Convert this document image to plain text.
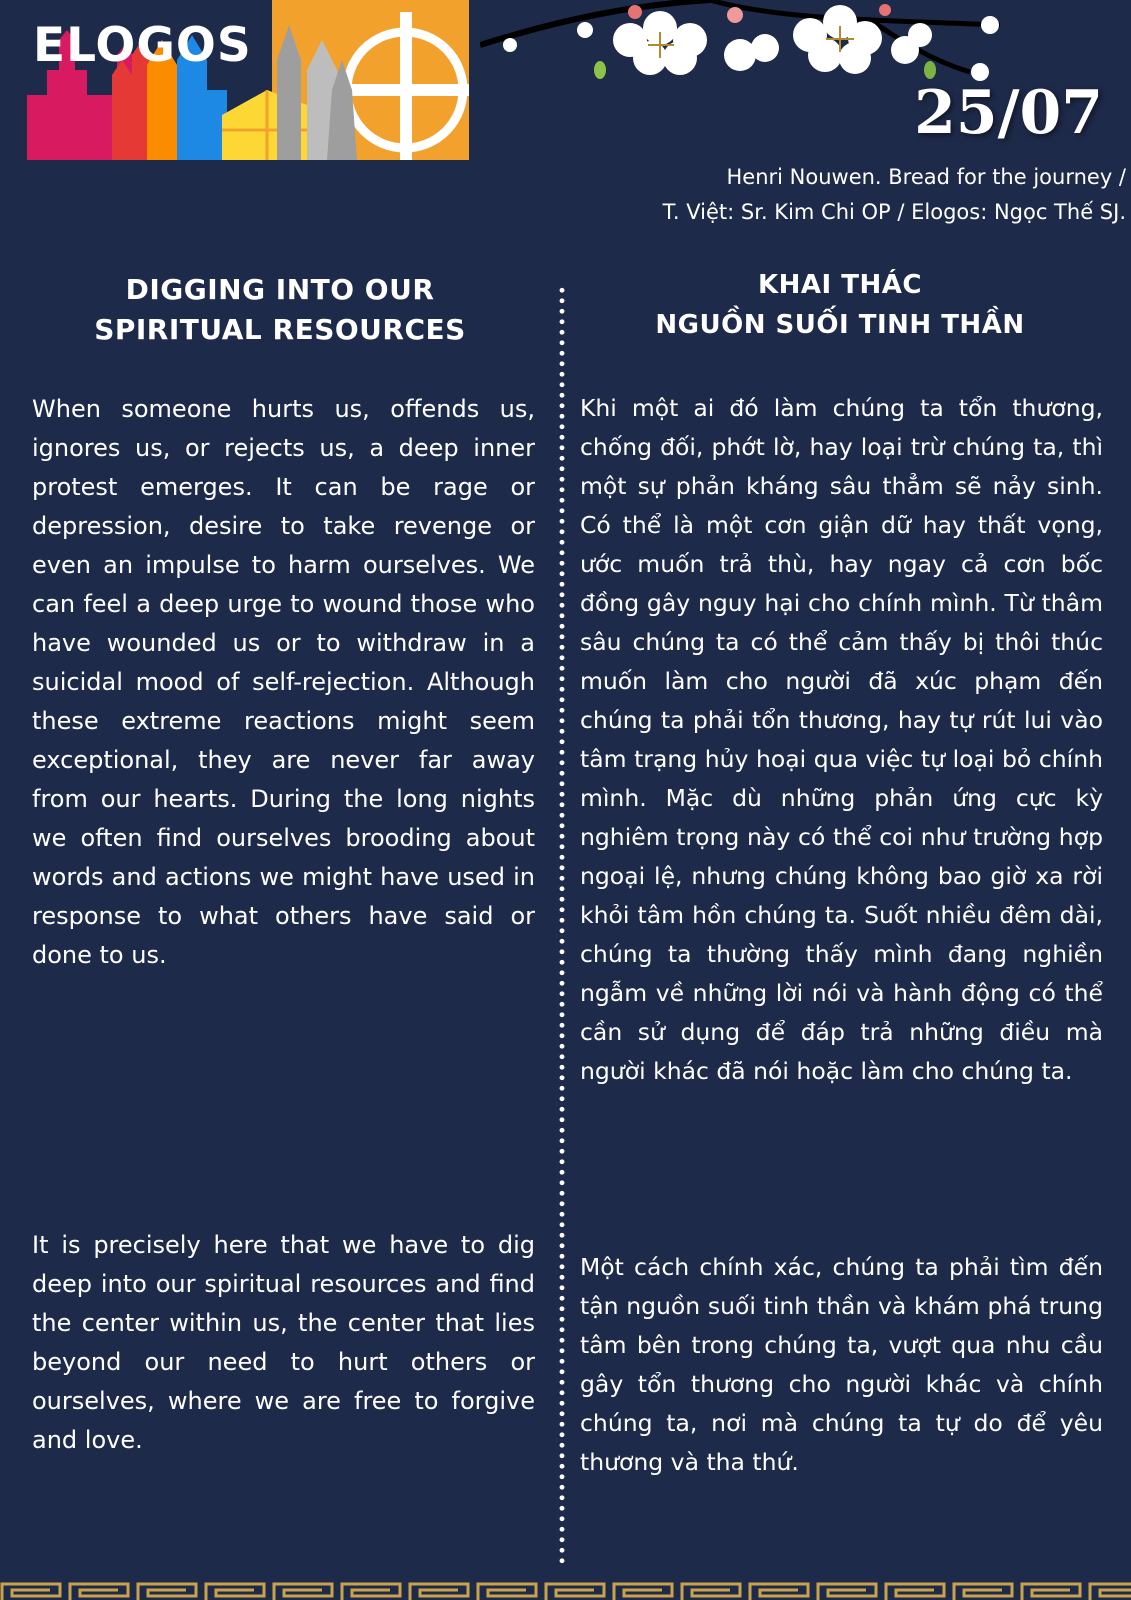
ELOGOS
25/07
Henri Nouwen. Bread for the journey /
T. Việt: Sr. Kim Chi OP / Elogos: Ngọc Thế SJ.
DIGGING INTO OUR
SPIRITUAL RESOURCES
KHAI THÁC
NGUỒN SUỐI TINH THẦN

When someone hurts us, offends us, ignores us, or rejects us, a deep inner protest emerges. It can be rage or depression, desire to take revenge or even an impulse to harm ourselves. We can feel a deep urge to wound those who have wounded us or to withdraw in a suicidal mood of self-rejection. Although these extreme reactions might seem exceptional, they are never far away from our hearts. During the long nights we often find ourselves brooding about words and actions we might have used in response to what others have said or done to us.

It is precisely here that we have to dig deep into our spiritual resources and find the center within us, the center that lies beyond our need to hurt others or ourselves, where we are free to forgive and love.

Khi một ai đó làm chúng ta tổn thương, chống đối, phớt lờ, hay loại trừ chúng ta, thì một sự phản kháng sâu thẳm sẽ nảy sinh. Có thể là một cơn giận dữ hay thất vọng, ước muốn trả thù, hay ngay cả cơn bốc đồng gây nguy hại cho chính mình. Từ thâm sâu chúng ta có thể cảm thấy bị thôi thúc muốn làm cho người đã xúc phạm đến chúng ta phải tổn thương, hay tự rút lui vào tâm trạng hủy hoại qua việc tự loại bỏ chính mình. Mặc dù những phản ứng cực kỳ nghiêm trọng này có thể coi như trường hợp ngoại lệ, nhưng chúng không bao giờ xa rời khỏi tâm hồn chúng ta. Suốt nhiều đêm dài, chúng ta thường thấy mình đang nghiền ngẫm về những lời nói và hành động có thể cần sử dụng để đáp trả những điều mà người khác đã nói hoặc làm cho chúng ta.

Một cách chính xác, chúng ta phải tìm đến tận nguồn suối tinh thần và khám phá trung tâm bên trong chúng ta, vượt qua nhu cầu gây tổn thương cho người khác và chính chúng ta, nơi mà chúng ta tự do để yêu thương và tha thứ.
